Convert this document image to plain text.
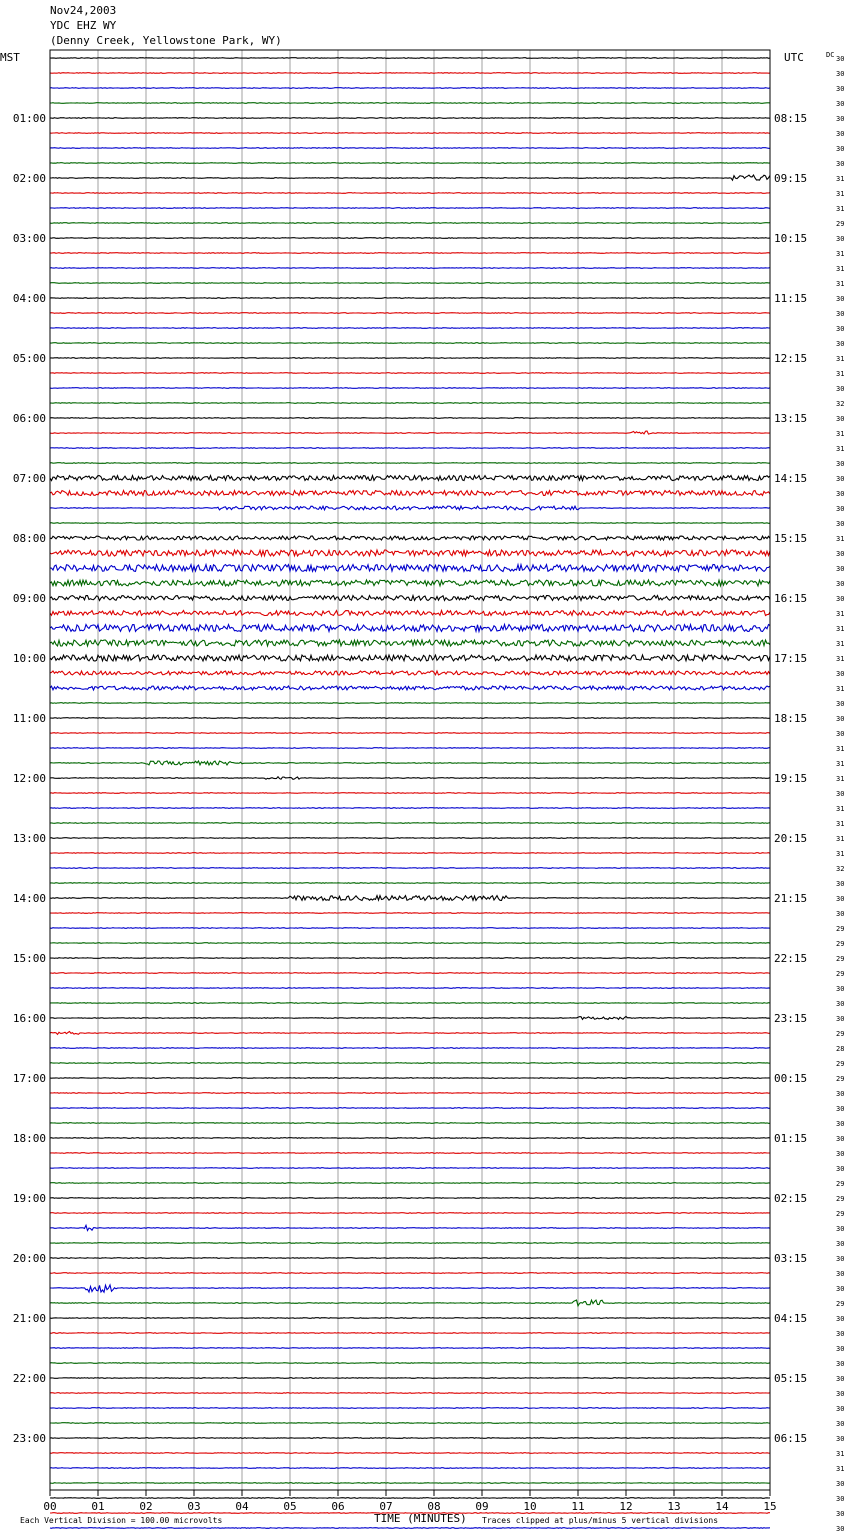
Nov24,2003
YDC EHZ WY
(Denny Creek, Yellowstone Park, WY)
01:00
02:00
03:00
04:00
05:00
06:00
07:00
08:00
09:00
10:00
11:00
12:00
13:00
14:00
15:00
16:00
17:00
18:00
19:00
20:00
21:00
22:00
23:00
08:15
09:15
10:15
11:15
12:15
13:15
14:15
15:15
16:15
17:15
18:15
19:15
20:15
21:15
22:15
23:15
00:15
01:15
02:15
03:15
04:15
05:15
06:15
30
30
30
30
30
30
30
30
31
31
31
29
30
31
31
31
30
30
30
30
31
31
30
32
30
31
31
30
30
30
30
30
31
30
30
30
30
31
31
31
31
30
31
30
30
30
31
31
31
30
31
31
31
31
32
30
30
30
29
29
29
29
30
30
30
29
28
29
29
30
30
30
30
30
30
29
29
29
30
30
30
30
30
29
30
30
30
30
30
30
30
30
30
31
31
30
30
30
30
00	01	02	03	04	05	06	07	08	09	10	11	12	13	14	15
MST	UTC	DC
TIME (MINUTES)
Each Vertical Division = 100.00 microvolts	Traces clipped at plus/minus 5 vertical divisions
